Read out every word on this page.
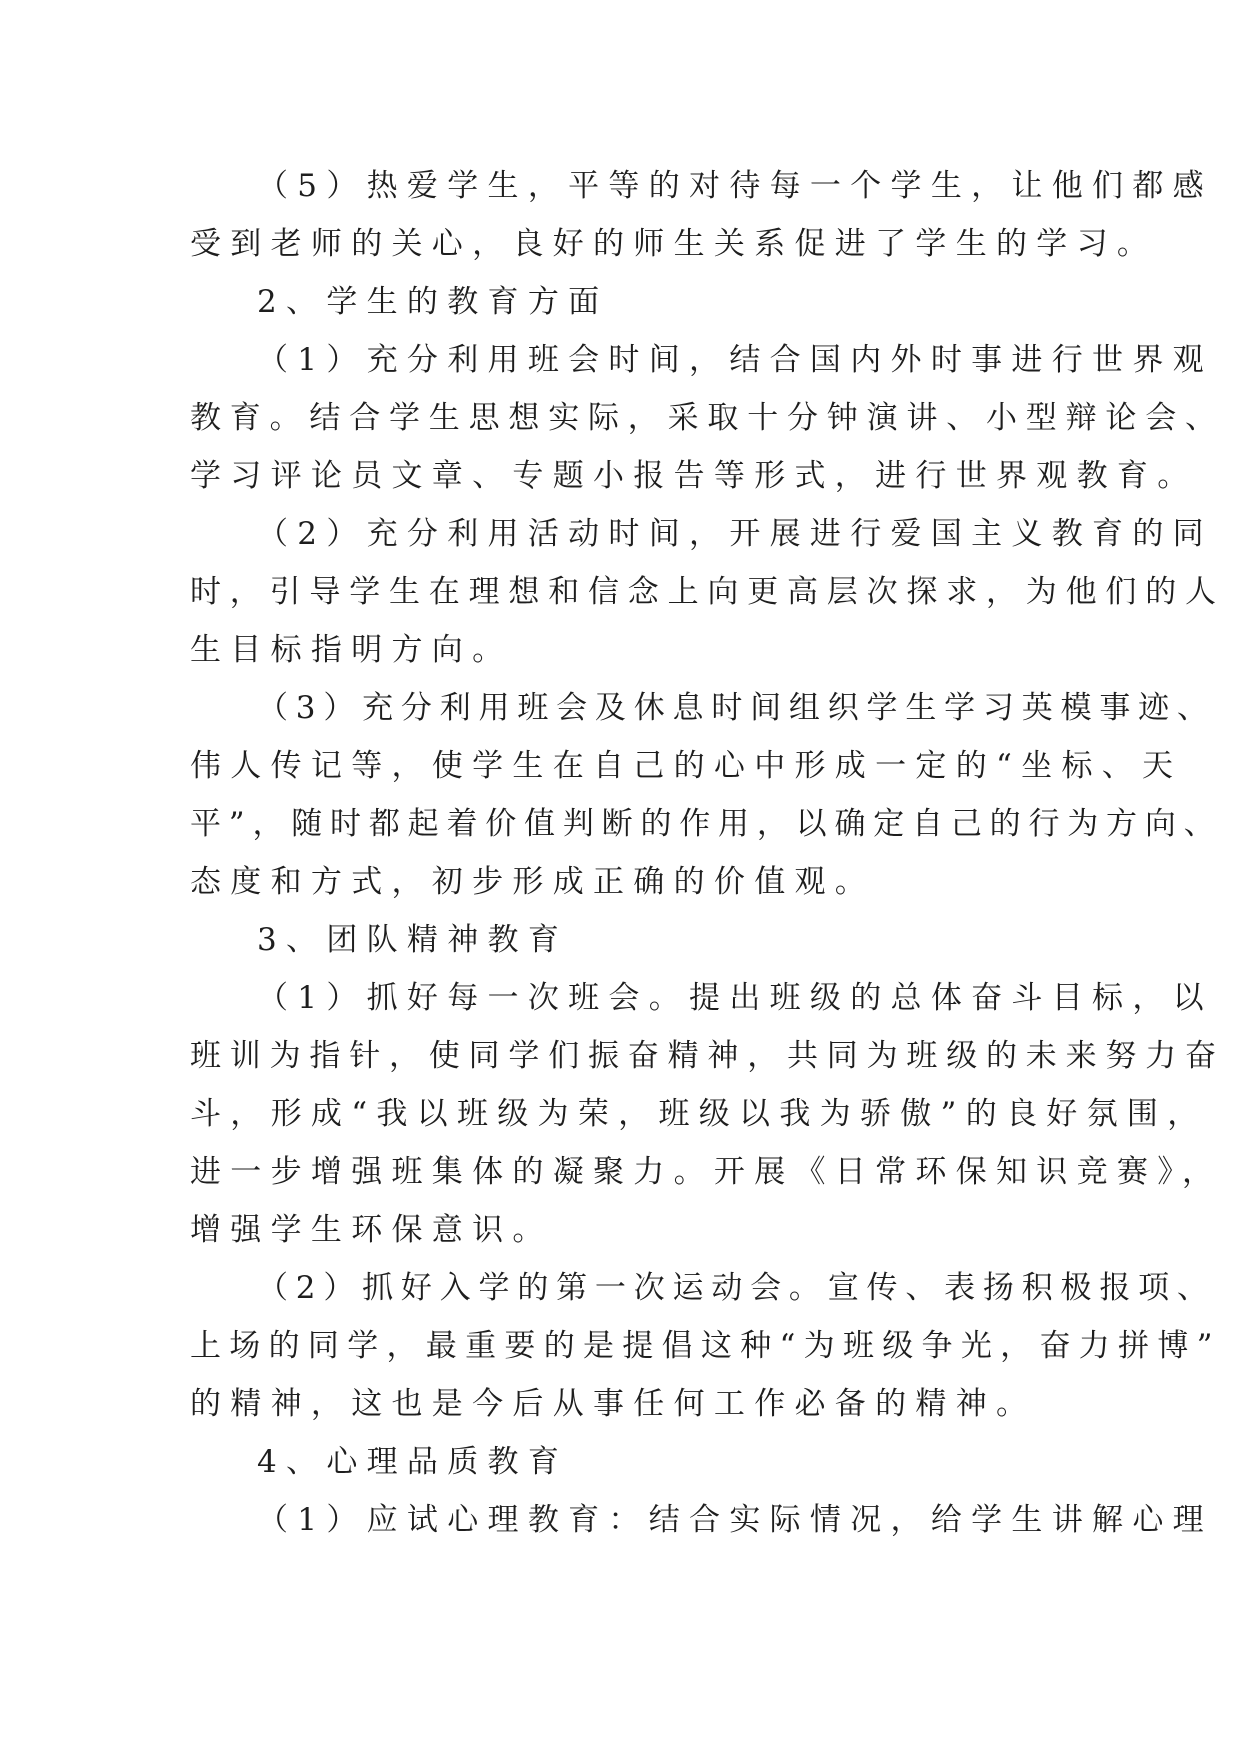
（5）热爱学生，平等的对待每一个学生，让他们都感
受到老师的关心，良好的师生关系促进了学生的学习。
2、学生的教育方面
（1）充分利用班会时间，结合国内外时事进行世界观
教育。结合学生思想实际，采取十分钟演讲、小型辩论会、
学习评论员文章、专题小报告等形式，进行世界观教育。
（2）充分利用活动时间，开展进行爱国主义教育的同
时，引导学生在理想和信念上向更高层次探求，为他们的人
生目标指明方向。
（3）充分利用班会及休息时间组织学生学习英模事迹、
伟人传记等，使学生在自己的心中形成一定的“坐标、天
平”，随时都起着价值判断的作用，以确定自己的行为方向、
态度和方式，初步形成正确的价值观。
3、团队精神教育
（1）抓好每一次班会。提出班级的总体奋斗目标，以
班训为指针，使同学们振奋精神，共同为班级的未来努力奋
斗，形成“我以班级为荣，班级以我为骄傲”的良好氛围，
进一步增强班集体的凝聚力。开展《日常环保知识竞赛》，
增强学生环保意识。
（2）抓好入学的第一次运动会。宣传、表扬积极报项、
上场的同学，最重要的是提倡这种“为班级争光，奋力拼博”
的精神，这也是今后从事任何工作必备的精神。
4、心理品质教育
（1）应试心理教育：结合实际情况，给学生讲解心理
